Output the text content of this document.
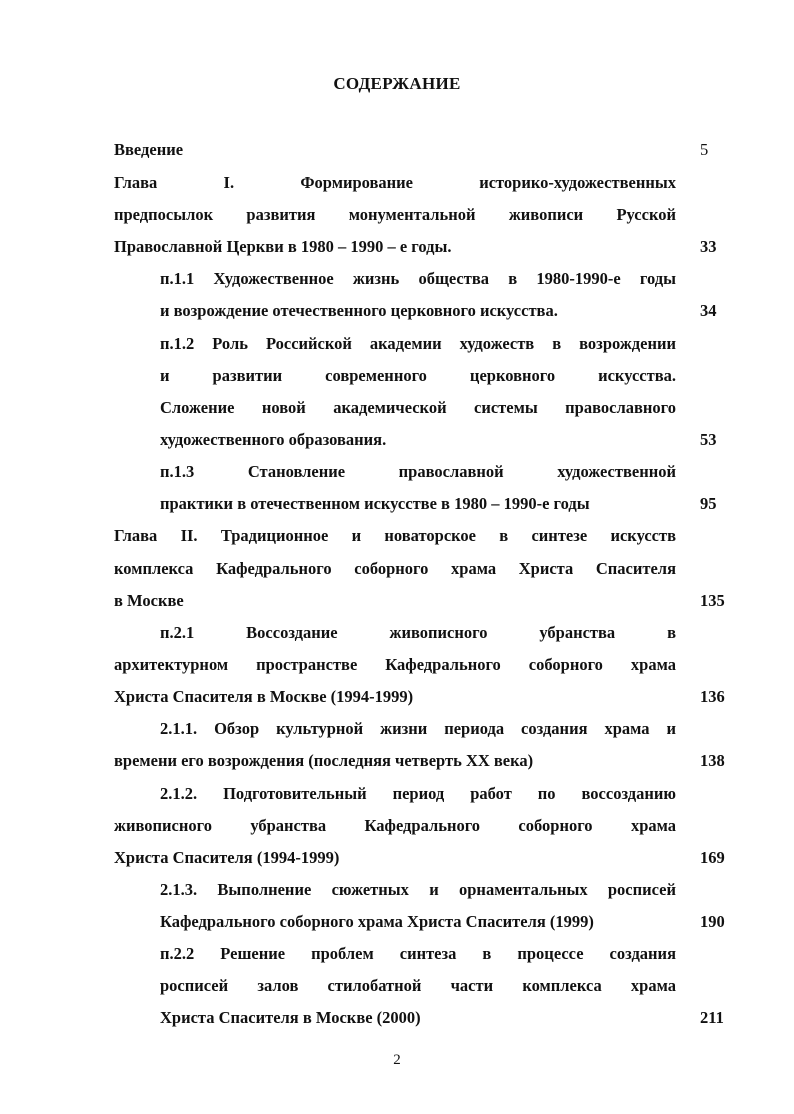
СОДЕРЖАНИЕ
Введение	5
Глава I. Формирование историко-художественных
предпосылок развития монументальной живописи Русской
Православной Церкви в 1980 – 1990 – е годы.	33
п.1.1 Художественное жизнь общества в 1980-1990-е годы
и возрождение отечественного церковного искусства.	34
п.1.2 Роль Российской академии художеств в возрождении
и развитии современного церковного искусства.
Сложение новой академической системы православного
художественного образования.	53
п.1.3 Становление православной художественной
практики в отечественном искусстве в 1980 – 1990-е годы	95
Глава II. Традиционное и новаторское в синтезе искусств
комплекса Кафедрального соборного храма Христа Спасителя
в Москве	135
п.2.1 Воссоздание живописного убранства в
архитектурном пространстве Кафедрального соборного храма
Христа Спасителя в Москве (1994-1999)	136
2.1.1. Обзор культурной жизни периода создания храма и
времени его возрождения (последняя четверть XX века)	138
2.1.2. Подготовительный период работ по воссозданию
живописного убранства Кафедрального соборного храма
Христа Спасителя (1994-1999)	169
2.1.3. Выполнение сюжетных и орнаментальных росписей
Кафедрального соборного храма Христа Спасителя (1999)	190
п.2.2 Решение проблем синтеза в процессе создания
росписей залов стилобатной части комплекса храма
Христа Спасителя в Москве (2000)	211
2
